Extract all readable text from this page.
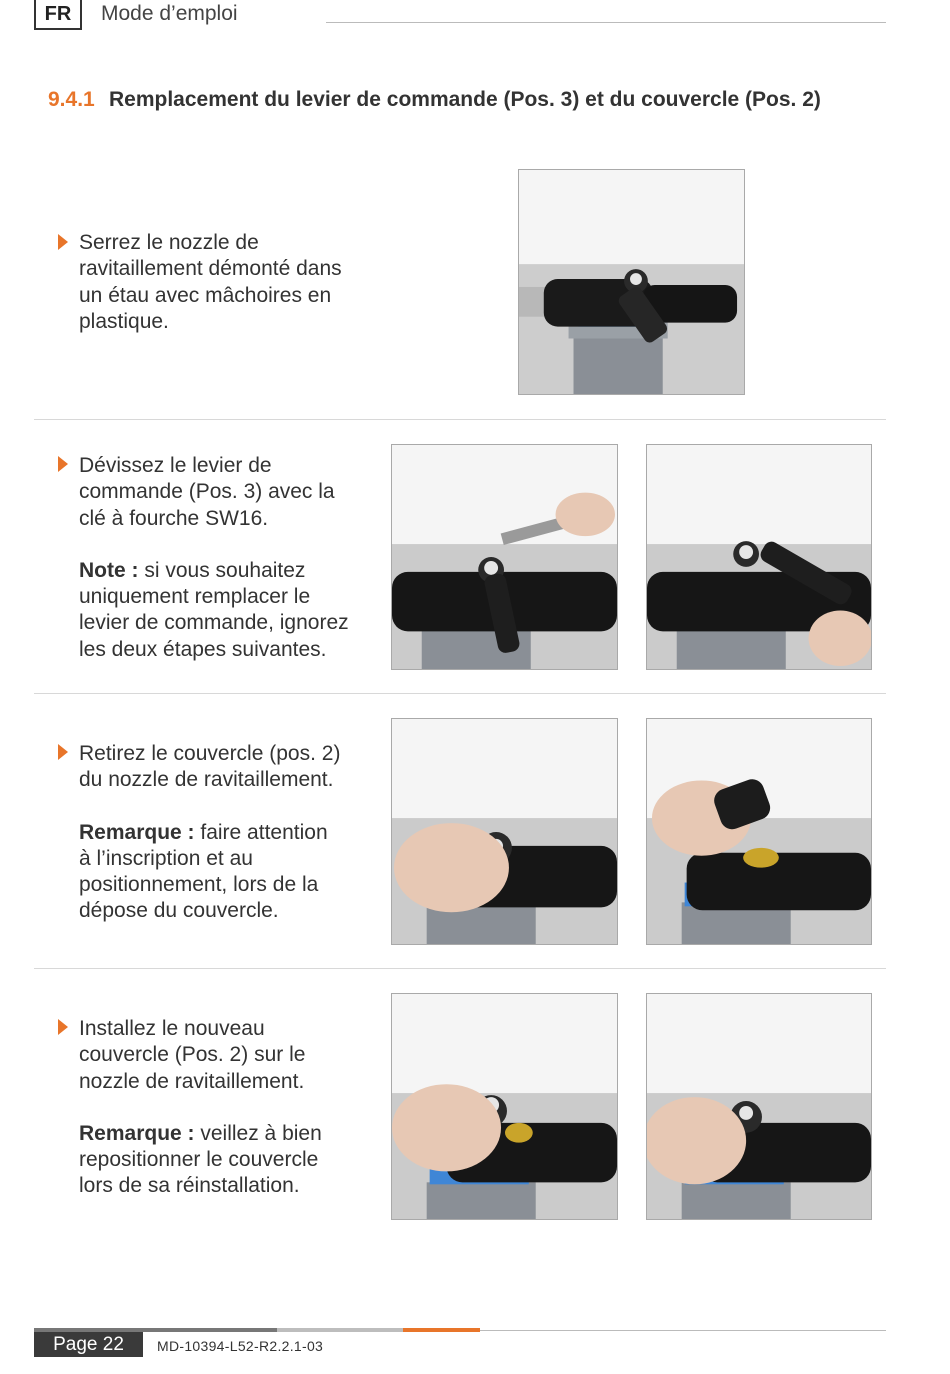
FR	Mode d’emploi
9.4.1 Remplacement du levier de commande (Pos. 3) et du couvercle (Pos. 2)

Serrez le nozzle de
ravitaillement démonté dans
un étau avec mâchoires en
plastique.

Dévissez le levier de
commande (Pos. 3) avec la
clé à fourche SW16.

Note : si vous souhaitez
uniquement remplacer le
levier de commande, ignorez
les deux étapes suivantes.

Retirez le couvercle (pos. 2)
du nozzle de ravitaillement.

Remarque : faire attention
à l’inscription et au
positionnement, lors de la
dépose du couvercle.

Installez le nouveau
couvercle (Pos. 2) sur le
nozzle de ravitaillement.

Remarque : veillez à bien
repositionner le couvercle
lors de sa réinstallation.

Page 22	MD-10394-L52-R2.2.1-03
